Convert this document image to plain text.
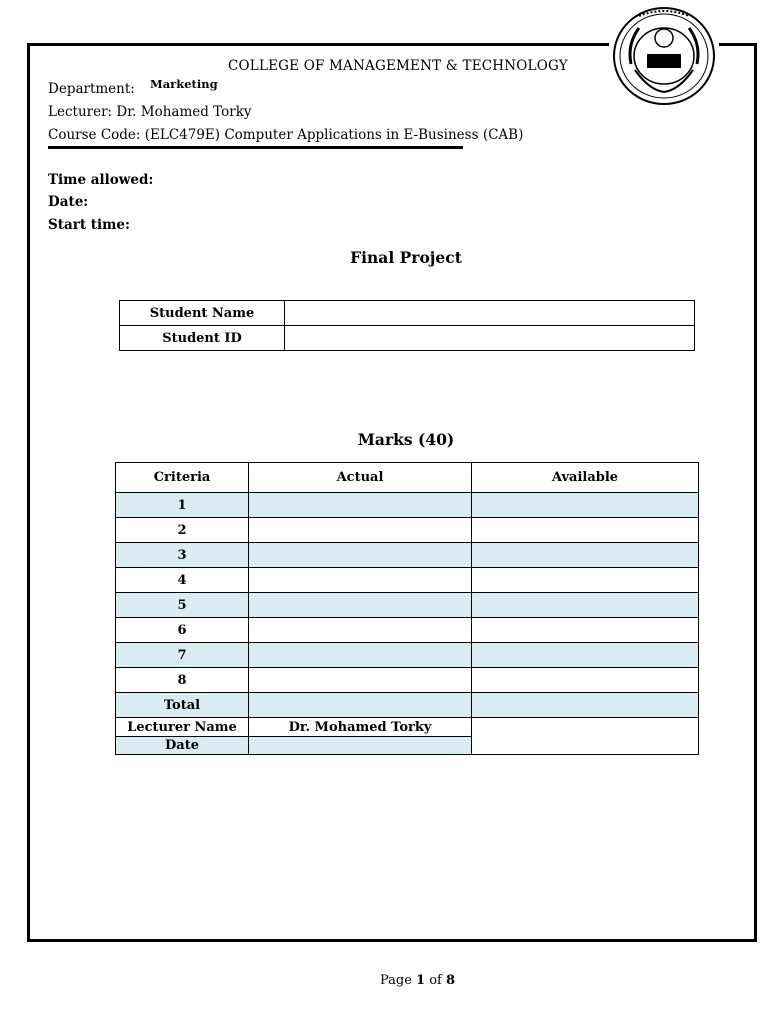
COLLEGE OF MANAGEMENT & TECHNOLOGY
Department: Marketing
Lecturer: Dr. Mohamed Torky
Course Code: (ELC479E) Computer Applications in E-Business (CAB)
Time allowed:
Date:
Start time:
Final Project
Student Name	
Student ID	
Marks (40)
Criteria	Actual	Available
1		
2		
3		
4		
5		
6		
7		
8		
Total		
Lecturer Name	Dr. Mohamed Torky	
Date		
Page 1 of 8
